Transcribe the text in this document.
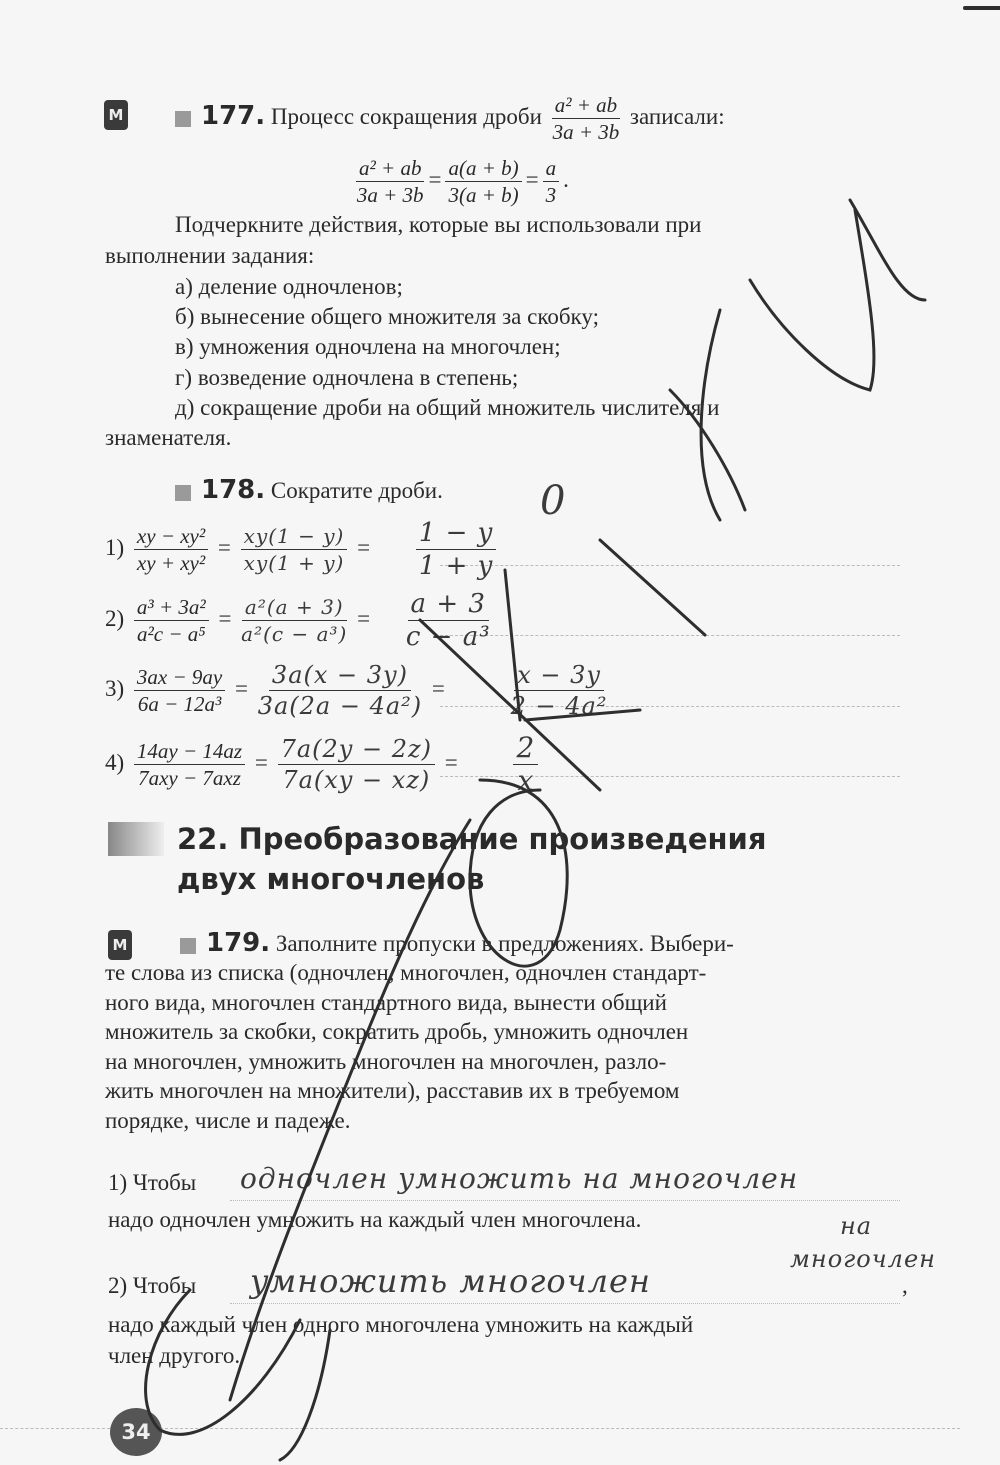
М	177. Процесс сокращения дроби $\frac{\text{a² + ab}}{3a + 3b}$ записали:
$\frac{\text{a² + ab}}{3a + 3b} = \frac{a(a + b)}{3(a + b)} = \frac{a}{3}$ .
Подчеркните действия, которые вы использовали при
выполнении задания:
а) деление одночленов;
б) вынесение общего множителя за скобку;
в) умножения одночлена на многочлен;
г) возведение одночлена в степень;
д) сокращение дроби на общий множитель числителя и
знаменателя.
178. Сократите дроби. 0
$1) \frac{\text{xy − xy²}}{\text{xy + xy²}} = \frac{xy(1 - y)}{xy(1 + y)} = \frac{1 - y}{1 + y}$
$2) \frac{\text{a³ + 3a²}}{\text{a²c − a⁵}} = \frac{\text{a²(a + 3)}}{\text{a²(c − a³)}} = \frac{a + 3}{\text{c − a³}}$
$3) \frac{3ax - 9ay}{\text{6a − 12a³}} = \frac{3a(x - 3y)}{\text{3a(2a − 4a²)}}$ =	$\frac{x - 3y}{\text{2 − 4a²}}$
$4) \frac{14ay - 14az}{\text{7axy − 7axz}} = \frac{7a(2y - 2z)}{7a(xy - xz)} = \frac{2}{x}$
22. Преобразование произведения
двух многочленов
М	179. Заполните пропуски в предложениях. Выбери-
те слова из списка (одночлен, многочлен, одночлен стандарт-
ного вида, многочлен стандартного вида, вынести общий
множитель за скобки, сократить дробь, умножить одночлен
на многочлен, умножить многочлен на многочлен, разло-
жить многочлен на множители), расставив их в требуемом
порядке, числе и падеже.
1) Чтобы одночлен умножить на многочлен
надо одночлен умножить на каждый член многочлена.	на
многочлен
2) Чтобы умножить многочлен	,
надо каждый член одного многочлена умножить на каждый
член другого.
34
